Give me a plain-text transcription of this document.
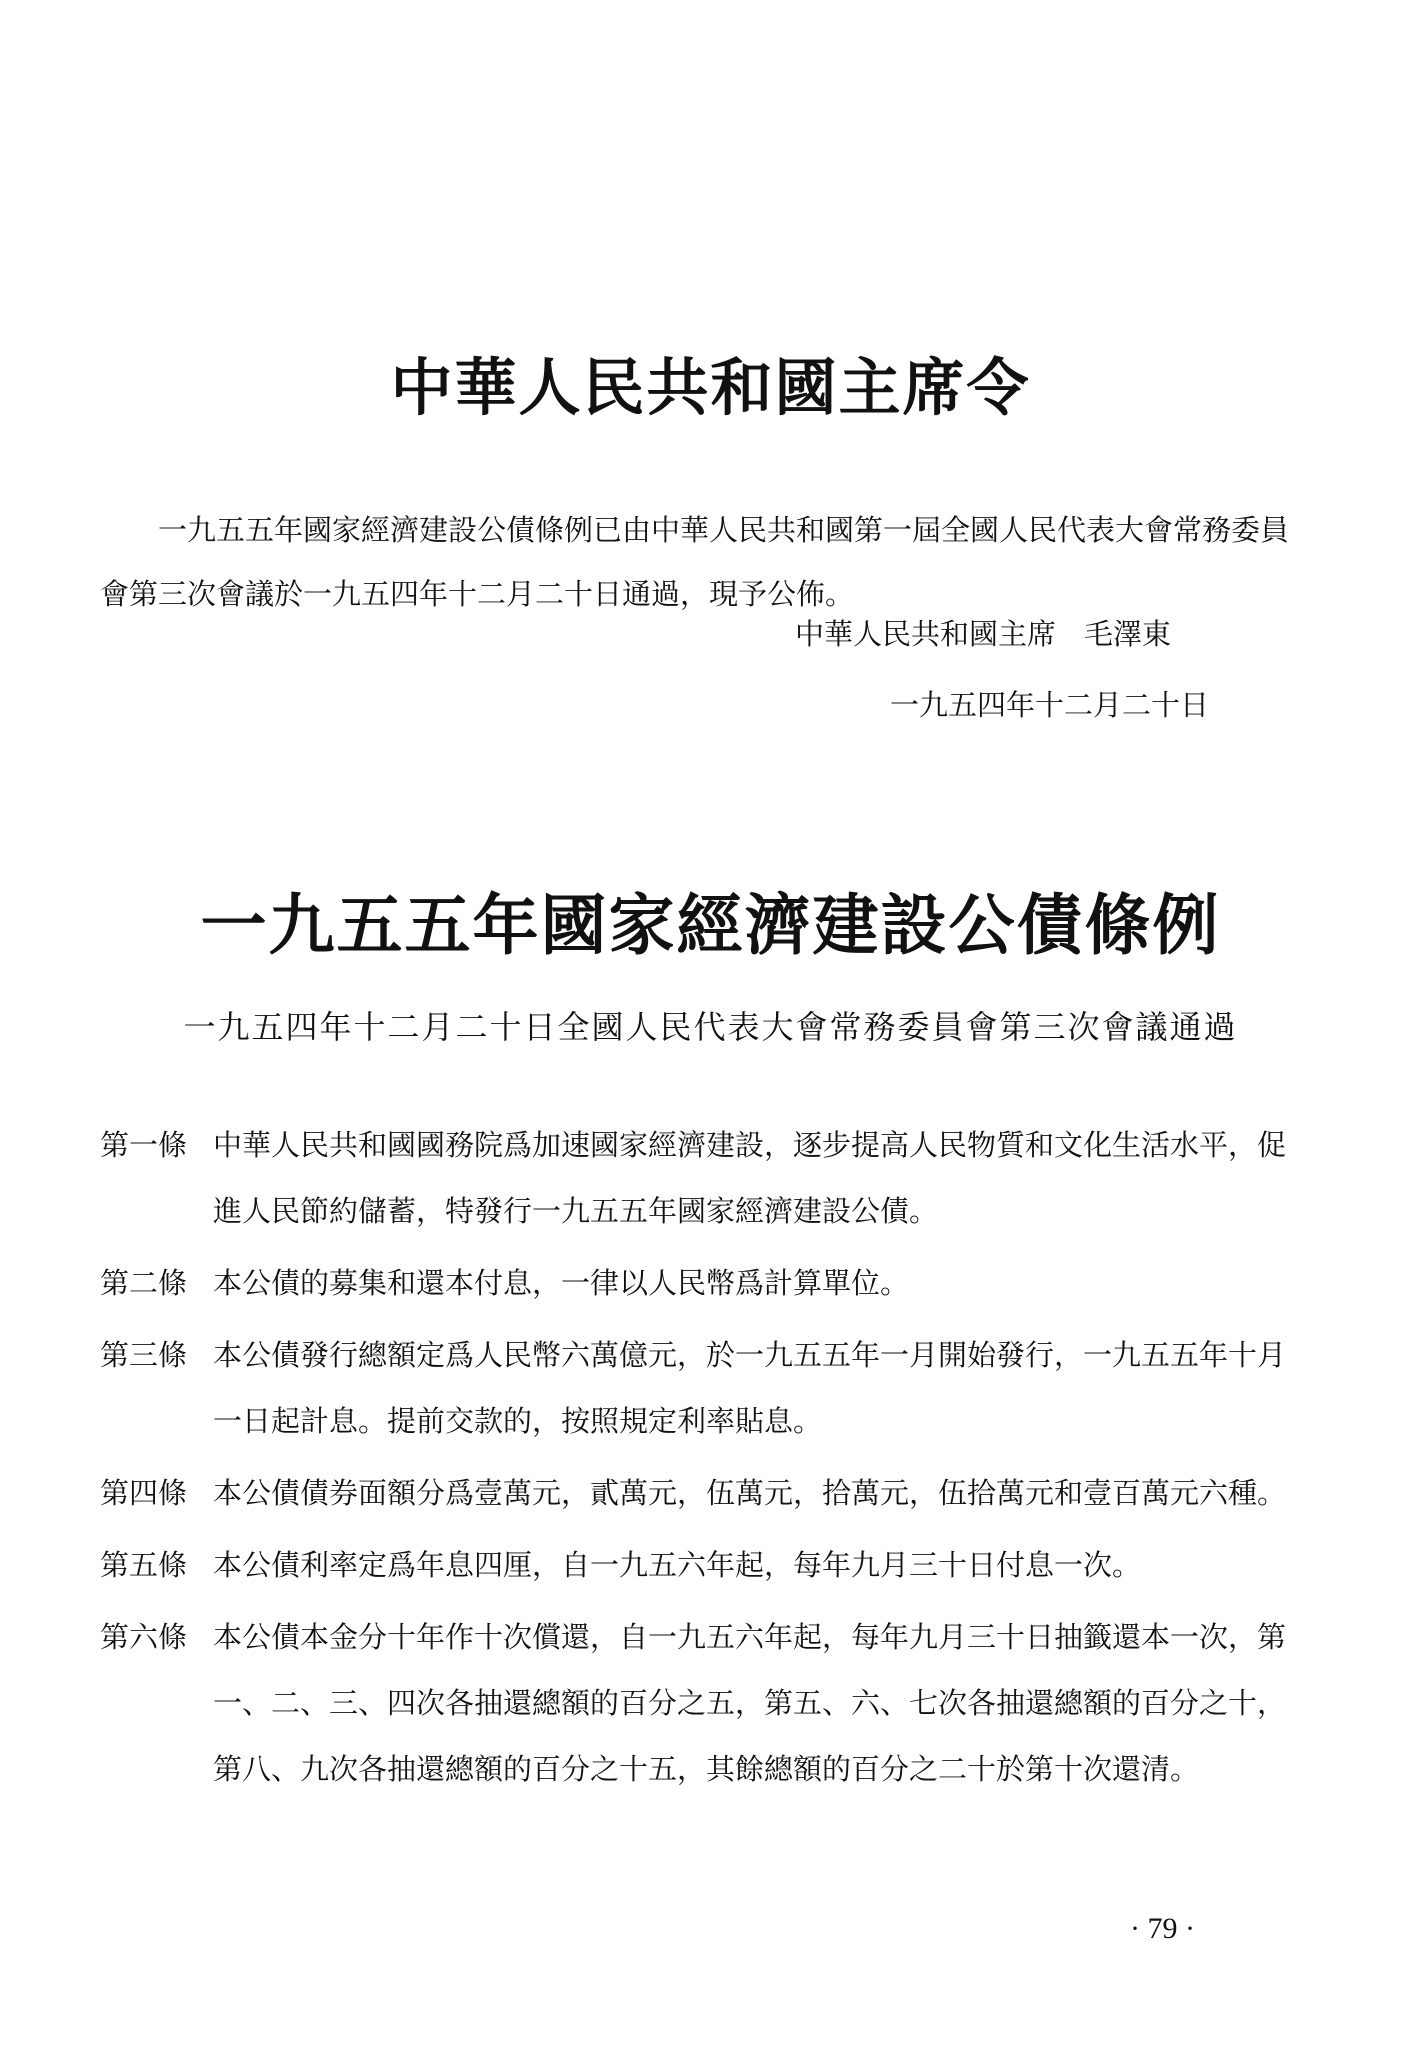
中華人民共和國主席令
一九五五年國家經濟建設公債條例已由中華人民共和國第一屆全國人民代表大會常務委員會第三次會議於一九五四年十二月二十日通過，現予公佈。
中華人民共和國主席 毛澤東
一九五四年十二月二十日
一九五五年國家經濟建設公債條例
一九五四年十二月二十日全國人民代表大會常務委員會第三次會議通過
第一條 中華人民共和國國務院爲加速國家經濟建設，逐步提高人民物質和文化生活水平，促進人民節約儲蓄，特發行一九五五年國家經濟建設公債。
第二條 本公債的募集和還本付息，一律以人民幣爲計算單位。
第三條 本公債發行總額定爲人民幣六萬億元，於一九五五年一月開始發行，一九五五年十月一日起計息。提前交款的，按照規定利率貼息。
第四條 本公債債券面額分爲壹萬元，貳萬元，伍萬元，拾萬元，伍拾萬元和壹百萬元六種。
第五條 本公債利率定爲年息四厘，自一九五六年起，每年九月三十日付息一次。
第六條 本公債本金分十年作十次償還，自一九五六年起，每年九月三十日抽籤還本一次，第一、二、三、四次各抽還總額的百分之五，第五、六、七次各抽還總額的百分之十，第八、九次各抽還總額的百分之十五，其餘總額的百分之二十於第十次還清。
· 79 ·
